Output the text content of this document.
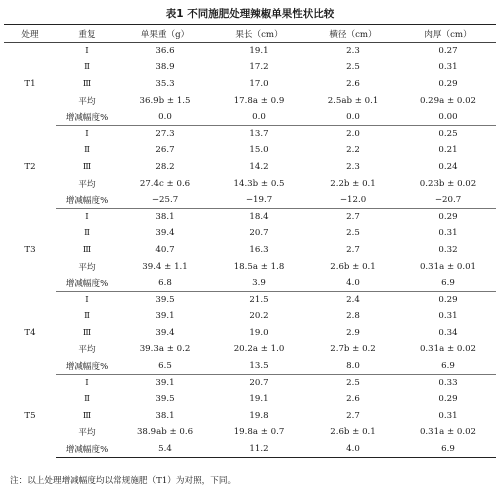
表1 不同施肥处理辣椒单果性状比较
处理	重复	单果重（g）	果长（cm）	横径（cm）	肉厚（cm）
T1	Ⅰ	36.6	19.1	2.3	0.27
	Ⅱ	38.9	17.2	2.5	0.31
	Ⅲ	35.3	17.0	2.6	0.29
	平均	36.9b ± 1.5	17.8a ± 0.9	2.5ab ± 0.1	0.29a ± 0.02
	增减幅度%	0.0	0.0	0.0	0.00
T2	Ⅰ	27.3	13.7	2.0	0.25
	Ⅱ	26.7	15.0	2.2	0.21
	Ⅲ	28.2	14.2	2.3	0.24
	平均	27.4c ± 0.6	14.3b ± 0.5	2.2b ± 0.1	0.23b ± 0.02
	增减幅度%	−25.7	−19.7	−12.0	−20.7
T3	Ⅰ	38.1	18.4	2.7	0.29
	Ⅱ	39.4	20.7	2.5	0.31
	Ⅲ	40.7	16.3	2.7	0.32
	平均	39.4 ± 1.1	18.5a ± 1.8	2.6b ± 0.1	0.31a ± 0.01
	增减幅度%	6.8	3.9	4.0	6.9
T4	Ⅰ	39.5	21.5	2.4	0.29
	Ⅱ	39.1	20.2	2.8	0.31
	Ⅲ	39.4	19.0	2.9	0.34
	平均	39.3a ± 0.2	20.2a ± 1.0	2.7b ± 0.2	0.31a ± 0.02
	增减幅度%	6.5	13.5	8.0	6.9
T5	Ⅰ	39.1	20.7	2.5	0.33
	Ⅱ	39.5	19.1	2.6	0.29
	Ⅲ	38.1	19.8	2.7	0.31
	平均	38.9ab ± 0.6	19.8a ± 0.7	2.6b ± 0.1	0.31a ± 0.02
	增减幅度%	5.4	11.2	4.0	6.9
注：以上处理增减幅度均以常规施肥（T1）为对照，下同。
